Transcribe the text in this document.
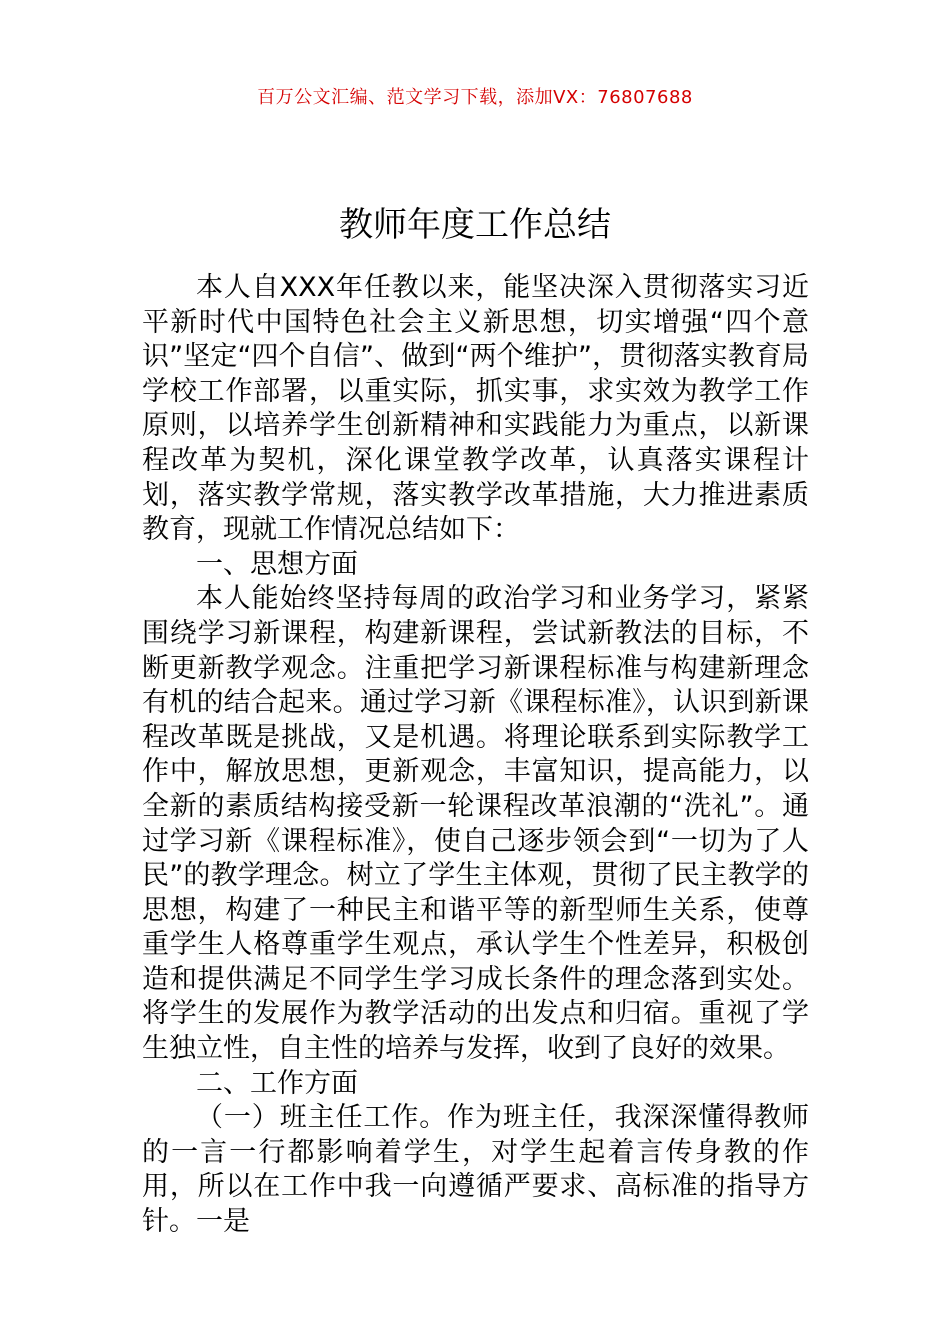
百万公文汇编、范文学习下载，添加VX：76807688
教师年度工作总结

本人自XXX年任教以来，能坚决深入贯彻落实习近平新时代中国特色社会主义新思想，切实增强“四个意识”坚定“四个自信”、做到“两个维护”，贯彻落实教育局学校工作部署，以重实际，抓实事，求实效为教学工作原则，以培养学生创新精神和实践能力为重点，以新课程改革为契机，深化课堂教学改革，认真落实课程计划，落实教学常规，落实教学改革措施，大力推进素质教育，现就工作情况总结如下：

一、思想方面

本人能始终坚持每周的政治学习和业务学习，紧紧围绕学习新课程，构建新课程，尝试新教法的目标，不断更新教学观念。注重把学习新课程标准与构建新理念有机的结合起来。通过学习新《课程标准》，认识到新课程改革既是挑战，又是机遇。将理论联系到实际教学工作中，解放思想，更新观念，丰富知识，提高能力，以全新的素质结构接受新一轮课程改革浪潮的“洗礼”。通过学习新《课程标准》，使自己逐步领会到“一切为了人民”的教学理念。树立了学生主体观，贯彻了民主教学的思想，构建了一种民主和谐平等的新型师生关系，使尊重学生人格尊重学生观点，承认学生个性差异，积极创造和提供满足不同学生学习成长条件的理念落到实处。将学生的发展作为教学活动的出发点和归宿。重视了学生独立性，自主性的培养与发挥，收到了良好的效果。

二、工作方面

（一）班主任工作。作为班主任，我深深懂得教师的一言一行都影响着学生，对学生起着言传身教的作用，所以在工作中我一向遵循严要求、高标准的指导方针。一是
